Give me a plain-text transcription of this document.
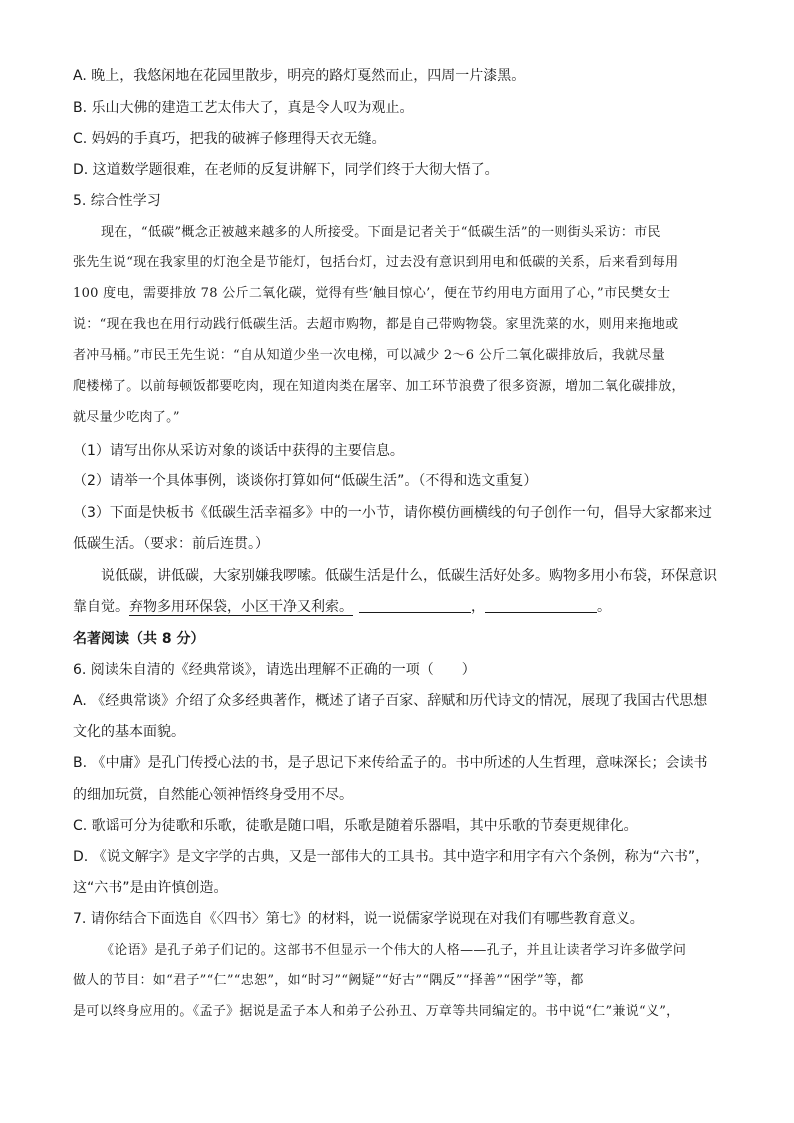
A. 晚上，我悠闲地在花园里散步，明亮的路灯戛然而止，四周一片漆黑。
B. 乐山大佛的建造工艺太伟大了，真是令人叹为观止。
C. 妈妈的手真巧，把我的破裤子修理得天衣无缝。
D. 这道数学题很难，在老师的反复讲解下，同学们终于大彻大悟了。
5. 综合性学习
现在，“低碳”概念正被越来越多的人所接受。下面是记者关于“低碳生活”的一则街头采访：市民
张先生说“现在我家里的灯泡全是节能灯，包括台灯，过去没有意识到用电和低碳的关系，后来看到每用
100 度电，需要排放 78 公斤二氧化碳，觉得有些‘触目惊心’，便在节约用电方面用了心，”市民樊女士
说：“现在我也在用行动践行低碳生活。去超市购物，都是自己带购物袋。家里洗菜的水，则用来拖地或
者冲马桶。”市民王先生说：“自从知道少坐一次电梯，可以减少 2～6 公斤二氧化碳排放后，我就尽量
爬楼梯了。以前每顿饭都要吃肉，现在知道肉类在屠宰、加工环节浪费了很多资源，增加二氧化碳排放，
就尽量少吃肉了。”
（1）请写出你从采访对象的谈话中获得的主要信息。
（2）请举一个具体事例，谈谈你打算如何“低碳生活”。（不得和选文重复）
（3）下面是快板书《低碳生活幸福多》中的一小节，请你模仿画横线的句子创作一句，倡导大家都来过
低碳生活。（要求：前后连贯。）
说低碳，讲低碳，大家别嫌我啰嗦。低碳生活是什么，低碳生活好处多。购物多用小布袋，环保意识
靠自觉。弃物多用环保袋，小区干净又利索。	，	。
名著阅读（共 8 分）
6. 阅读朱自清的《经典常谈》，请选出理解不正确的一项（　　）
A. 《经典常谈》介绍了众多经典著作，概述了诸子百家、辞赋和历代诗文的情况，展现了我国古代思想
文化的基本面貌。
B. 《中庸》是孔门传授心法的书，是子思记下来传给孟子的。书中所述的人生哲理，意味深长；会读书
的细加玩赏，自然能心领神悟终身受用不尽。
C. 歌谣可分为徒歌和乐歌，徒歌是随口唱，乐歌是随着乐器唱，其中乐歌的节奏更规律化。
D. 《说文解字》是文字学的古典，又是一部伟大的工具书。其中造字和用字有六个条例，称为“六书”，
这“六书”是由许慎创造。
7. 请你结合下面选自《〈四书〉第七》的材料，说一说儒家学说现在对我们有哪些教育意义。
《论语》是孔子弟子们记的。这部书不但显示一个伟大的人格——孔子，并且让读者学习许多做学问
做人的节目：如“君子”“仁”“忠恕”，如“时习”“阙疑”“好古”“隅反”“择善”“困学”等，都
是可以终身应用的。《孟子》据说是孟子本人和弟子公孙丑、万章等共同编定的。书中说“仁”兼说“义”，
